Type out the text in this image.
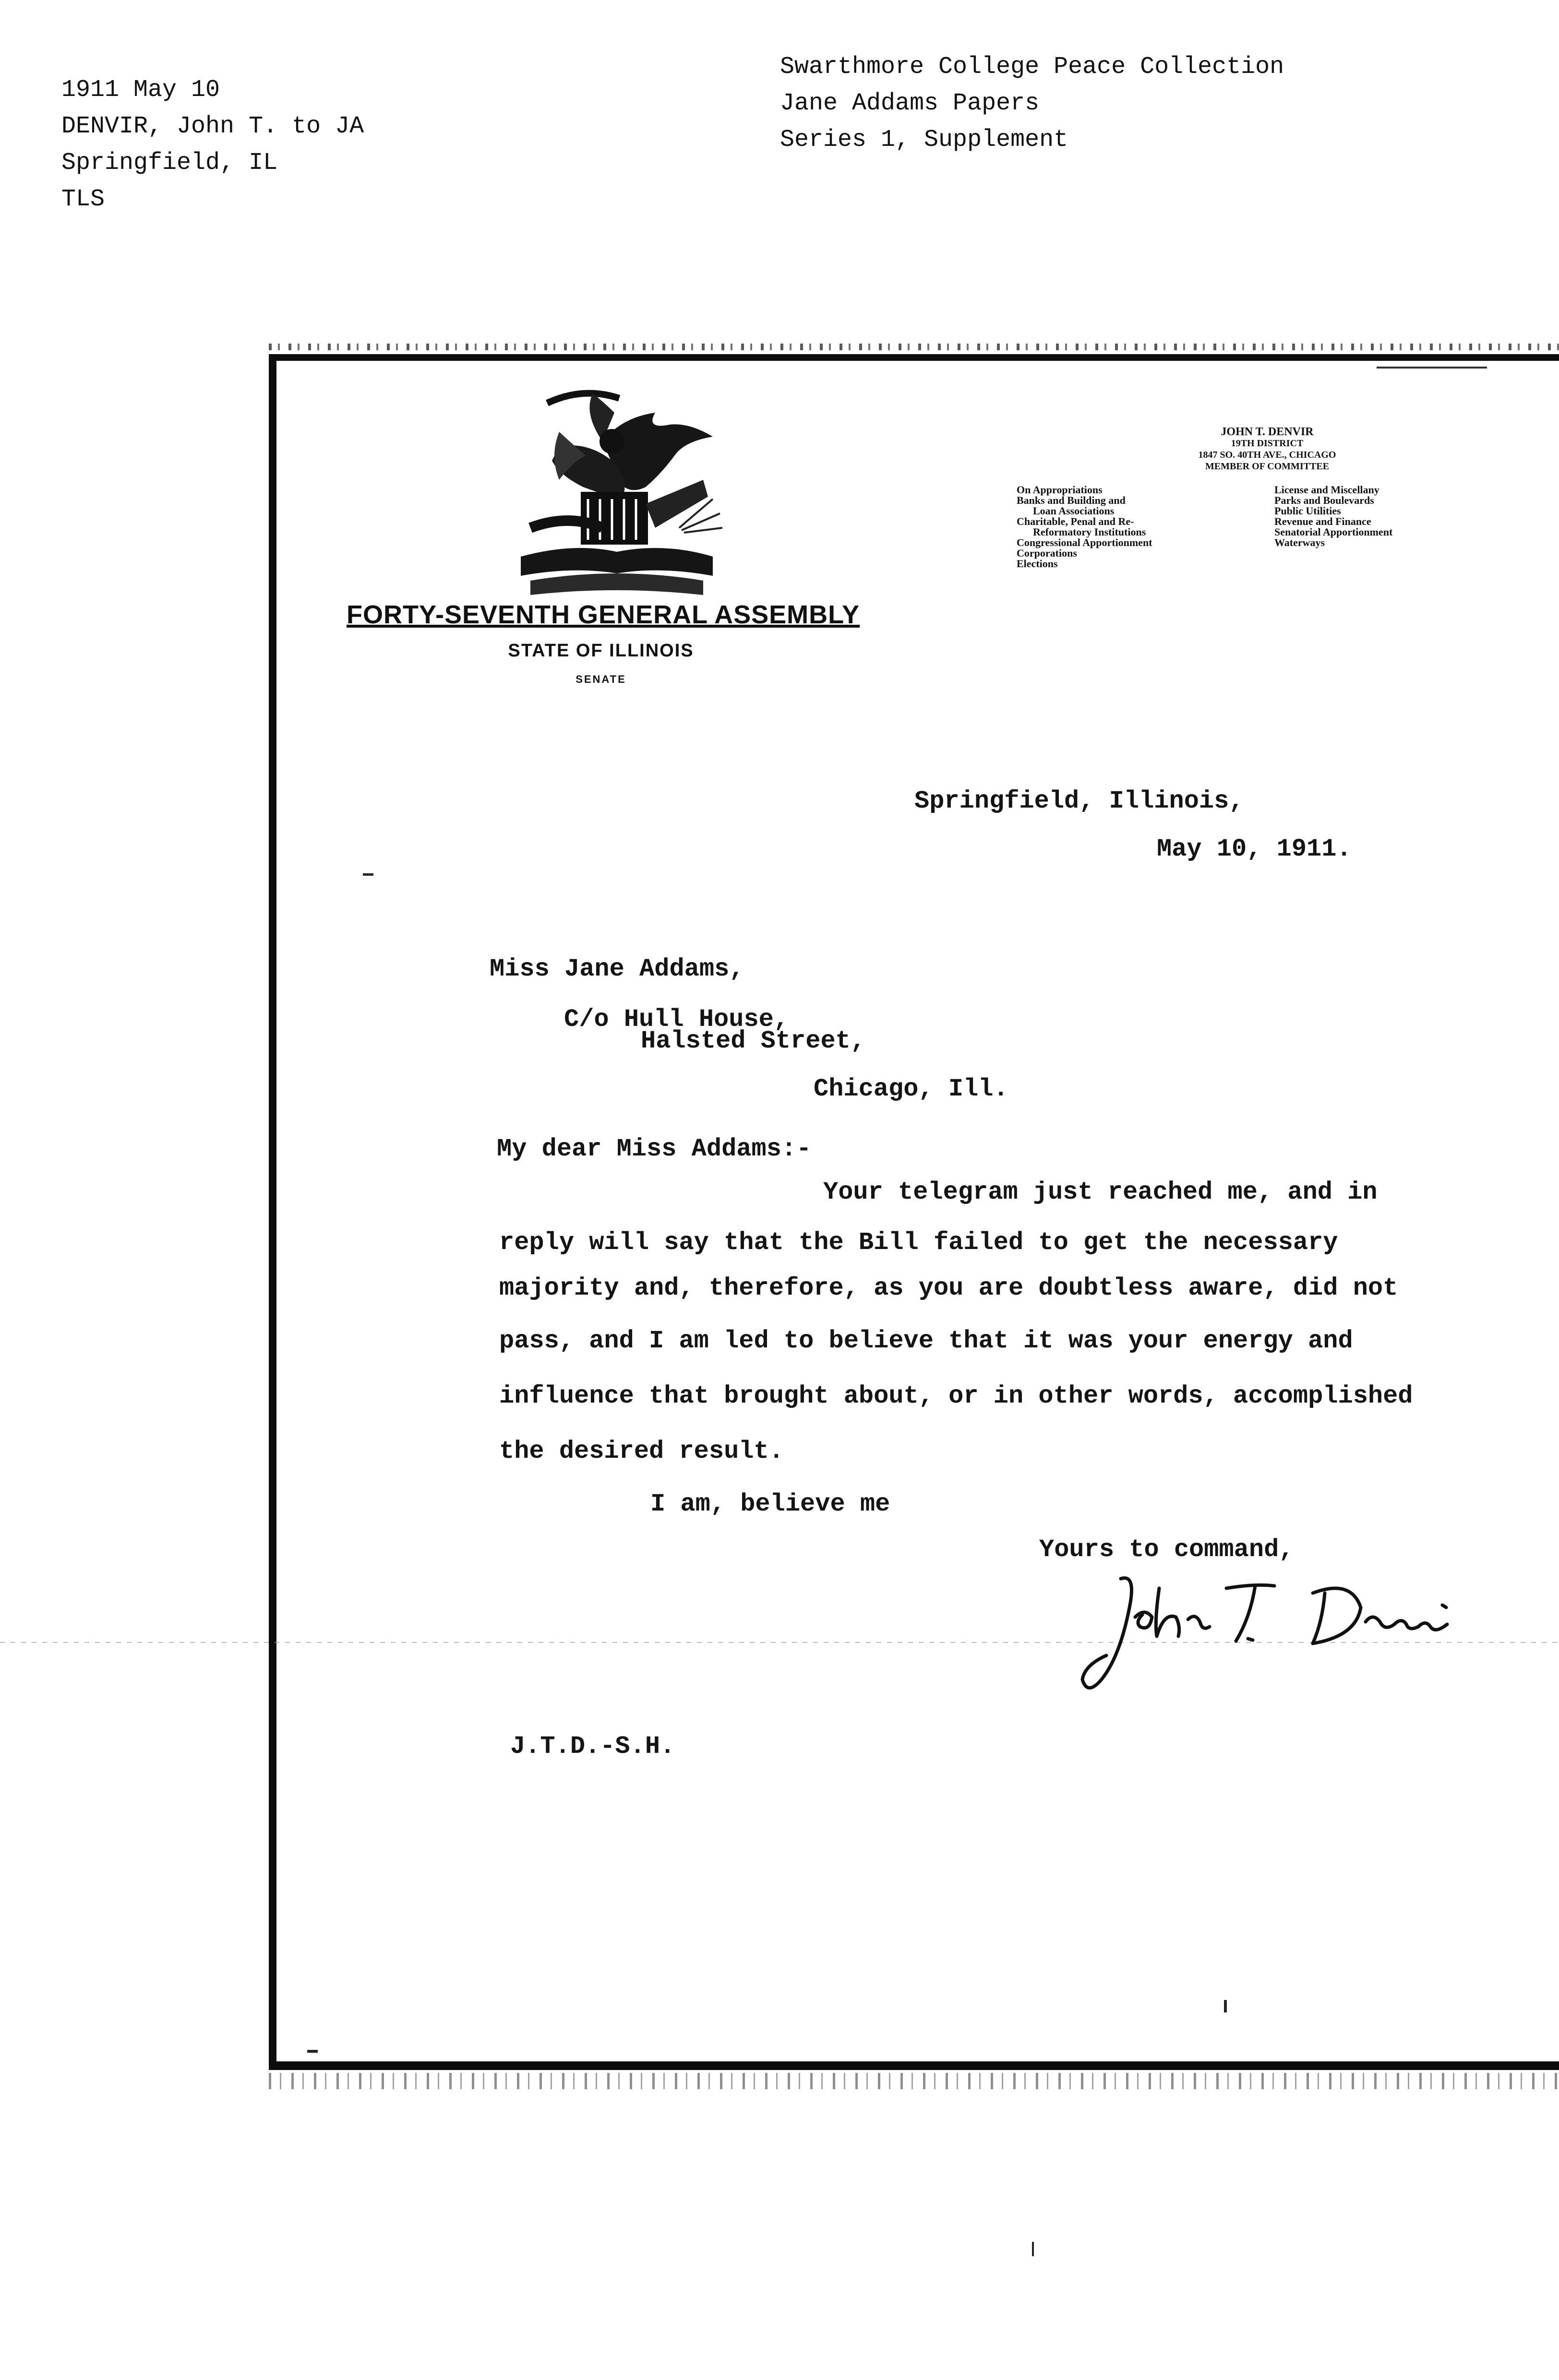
1911 May 10
DENVIR, John T. to JA
Springfield, IL
TLS
Swarthmore College Peace Collection
Jane Addams Papers
Series 1, Supplement
FORTY-SEVENTH GENERAL ASSEMBLY
STATE OF ILLINOIS
SENATE
JOHN T. DENVIR
19TH DISTRICT
1847 SO. 40TH AVE., CHICAGO
MEMBER OF COMMITTEE
On Appropriations
Banks and Building and
Loan Associations
Charitable, Penal and Re-
Reformatory Institutions
Congressional Apportionment
Corporations
Elections
License and Miscellany
Parks and Boulevards
Public Utilities
Revenue and Finance
Senatorial Apportionment
Waterways
Springfield, Illinois,
May 10, 1911.
Miss Jane Addams,
C/o Hull House,
Halsted Street,
Chicago, Ill.
My dear Miss Addams:-
Your telegram just reached me, and in
reply will say that the Bill failed to get the necessary
majority and, therefore, as you are doubtless aware, did not
pass, and I am led to believe that it was your energy and
influence that brought about, or in other words, accomplished
the desired result.
I am, believe me
Yours to command,
J.T.D.-S.H.
